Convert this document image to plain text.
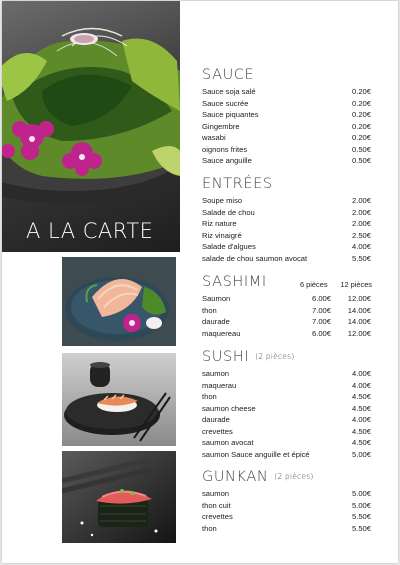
A LA CARTE
SAUCE
Sauce soja salé	0.20€
Sauce sucrée	0.20€
Sauce piquantes	0.20€
Gingembre	0.20€
wasabi	0.20€
oignons frites	0.50€
Sauce anguille	0.50€
ENTRÉES
Soupe miso	2.00€
Salade de chou	2.00€
Riz nature	2.00€
Riz vinaigré	2.50€
Salade d'algues	4.00€
salade de chou saumon avocat	5.50€
SASHIMI	6 pièces 12 pièces
Saumon	6.00€ 12.00€
thon	7.00€ 14.00€
daurade	7.00€ 14.00€
maquereau	6.00€ 12.00€
SUSHI $^{(2 pièces)}$
saumon	4.00€
maquerau	4.00€
thon	4.50€
saumon cheese	4.50€
daurade	4.00€
crevettes	4.50€
saumon avocat	4.50€
saumon Sauce anguille et épicé	5.00€
GUNKAN $^{(2 pièces)}$
saumon	5.00€
thon cuit	5.00€
crevettes	5.50€
thon	5.50€
